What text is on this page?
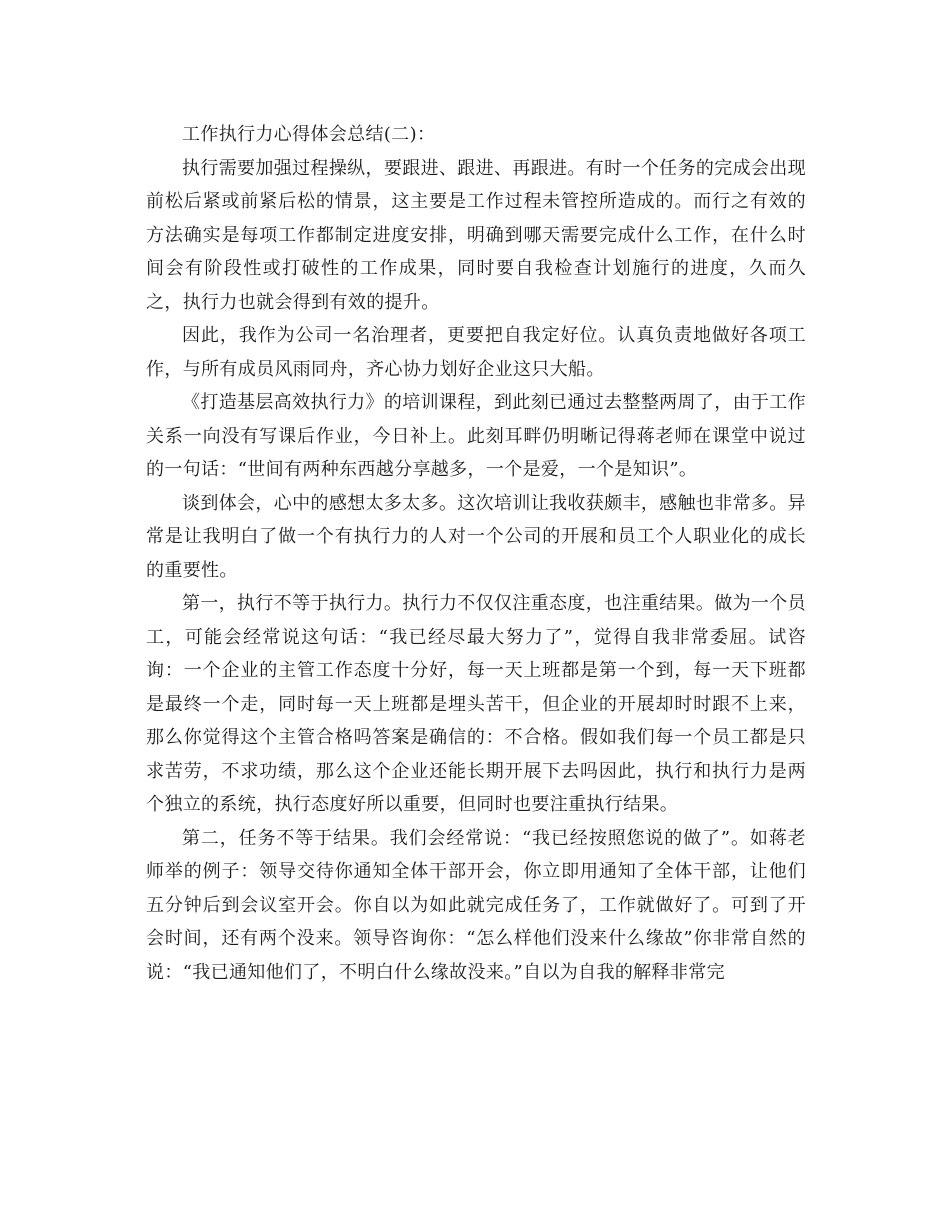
工作执行力心得体会总结(二)：

执行需要加强过程操纵，要跟进、跟进、再跟进。有时一个任务的完成会出现前松后紧或前紧后松的情景，这主要是工作过程未管控所造成的。而行之有效的方法确实是每项工作都制定进度安排，明确到哪天需要完成什么工作，在什么时间会有阶段性或打破性的工作成果，同时要自我检查计划施行的进度，久而久之，执行力也就会得到有效的提升。

因此，我作为公司一名治理者，更要把自我定好位。认真负责地做好各项工作，与所有成员风雨同舟，齐心协力划好企业这只大船。

《打造基层高效执行力》的培训课程，到此刻已通过去整整两周了，由于工作关系一向没有写课后作业，今日补上。此刻耳畔仍明晰记得蒋老师在课堂中说过的一句话：“世间有两种东西越分享越多，一个是爱，一个是知识”。

谈到体会，心中的感想太多太多。这次培训让我收获颇丰，感触也非常多。异常是让我明白了做一个有执行力的人对一个公司的开展和员工个人职业化的成长的重要性。

第一，执行不等于执行力。执行力不仅仅注重态度，也注重结果。做为一个员工，可能会经常说这句话：“我已经尽最大努力了”，觉得自我非常委屈。试咨询：一个企业的主管工作态度十分好，每一天上班都是第一个到，每一天下班都是最终一个走，同时每一天上班都是埋头苦干，但企业的开展却时时跟不上来，那么你觉得这个主管合格吗答案是确信的：不合格。假如我们每一个员工都是只求苦劳，不求功绩，那么这个企业还能长期开展下去吗因此，执行和执行力是两个独立的系统，执行态度好所以重要，但同时也要注重执行结果。

第二，任务不等于结果。我们会经常说：“我已经按照您说的做了”。如蒋老师举的例子：领导交待你通知全体干部开会，你立即用通知了全体干部，让他们五分钟后到会议室开会。你自以为如此就完成任务了，工作就做好了。可到了开会时间，还有两个没来。领导咨询你：“怎么样他们没来什么缘故”你非常自然的说：“我已通知他们了，不明白什么缘故没来。”自以为自我的解释非常完
